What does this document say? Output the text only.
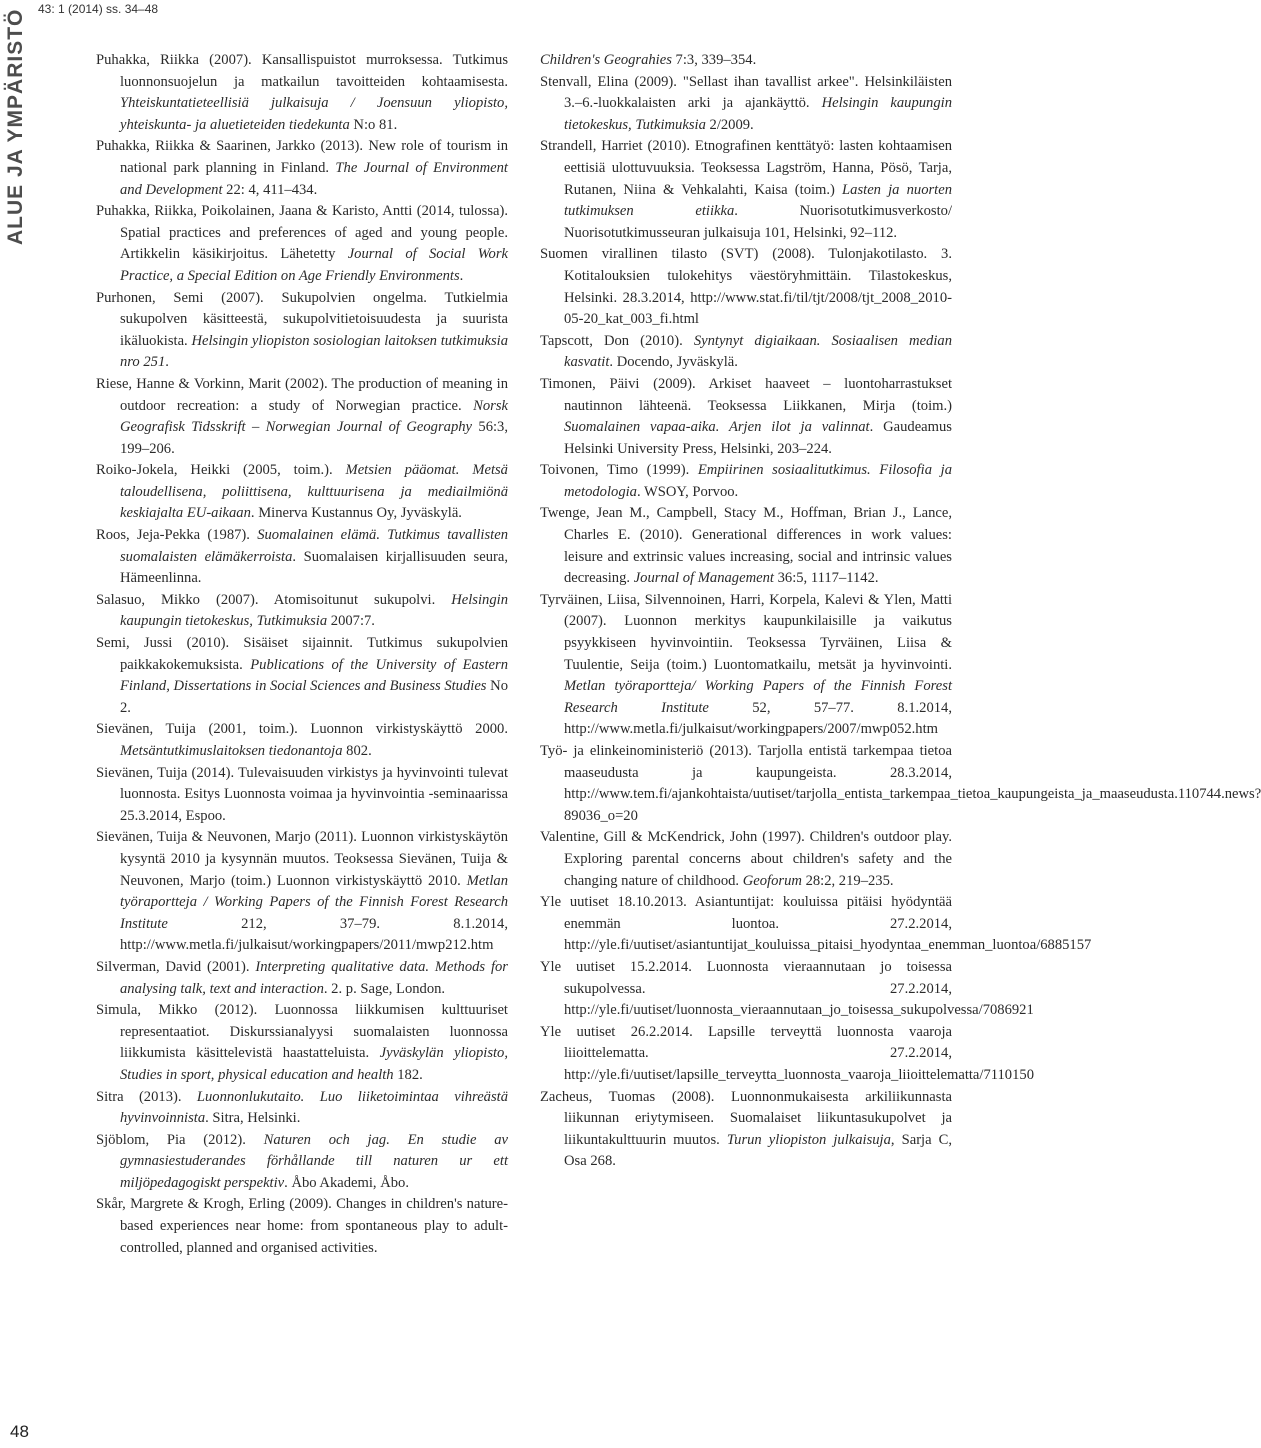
43: 1 (2014) ss. 34–48
ALUE JA YMPÄRISTÖ	Puhakka, Riikka (2007). Kansallispuistot murroksessa. Tutkimus luonnonsuojelun ja matkailun tavoitteiden kohtaamisesta. Yhteiskuntatieteellisiä julkaisuja / Joensuun yliopisto, yhteiskunta- ja aluetieteiden tiedekunta N:o 81.

Puhakka, Riikka & Saarinen, Jarkko (2013). New role of tourism in national park planning in Finland. The Journal of Environment and Development 22: 4, 411–434.

Puhakka, Riikka, Poikolainen, Jaana & Karisto, Antti (2014, tulossa). Spatial practices and preferences of aged and young people. Artikkelin käsikirjoitus. Lähetetty Journal of Social Work Practice, a Special Edition on Age Friendly Environments.

Purhonen, Semi (2007). Sukupolvien ongelma. Tutkielmia sukupolven käsitteestä, sukupolvitietoisuudesta ja suurista ikäluokista. Helsingin yliopiston sosiologian laitoksen tutkimuksia nro 251.

Riese, Hanne & Vorkinn, Marit (2002). The production of meaning in outdoor recreation: a study of Norwegian practice. Norsk Geografisk Tidsskrift – Norwegian Journal of Geography 56:3, 199–206.

Roiko-Jokela, Heikki (2005, toim.). Metsien pääomat. Metsä taloudellisena, poliittisena, kulttuurisena ja mediailmiönä keskiajalta EU-aikaan. Minerva Kustannus Oy, Jyväskylä.

Roos, Jeja-Pekka (1987). Suomalainen elämä. Tutkimus tavallisten suomalaisten elämäkerroista. Suomalaisen kirjallisuuden seura, Hämeenlinna.

Salasuo, Mikko (2007). Atomisoitunut sukupolvi. Helsingin kaupungin tietokeskus, Tutkimuksia 2007:7.

Semi, Jussi (2010). Sisäiset sijainnit. Tutkimus sukupolvien paikkakokemuksista. Publications of the University of Eastern Finland, Dissertations in Social Sciences and Business Studies No 2.

Sievänen, Tuija (2001, toim.). Luonnon virkistyskäyttö 2000. Metsäntutkimuslaitoksen tiedonantoja 802.

Sievänen, Tuija (2014). Tulevaisuuden virkistys ja hyvinvointi tulevat luonnosta. Esitys Luonnosta voimaa ja hyvinvointia -seminaarissa 25.3.2014, Espoo.

Sievänen, Tuija & Neuvonen, Marjo (2011). Luonnon virkistyskäytön kysyntä 2010 ja kysynnän muutos. Teoksessa Sievänen, Tuija & Neuvonen, Marjo (toim.) Luonnon virkistyskäyttö 2010. Metlan työraportteja / Working Papers of the Finnish Forest Research Institute 212, 37–79. 8.1.2014, http://www.metla.fi/julkaisut/workingpapers/2011/mwp212.htm

Silverman, David (2001). Interpreting qualitative data. Methods for analysing talk, text and interaction. 2. p. Sage, London.

Simula, Mikko (2012). Luonnossa liikkumisen kulttuuriset representaatiot. Diskurssianalyysi suomalaisten luonnossa liikkumista käsittelevistä haastatteluista. Jyväskylän yliopisto, Studies in sport, physical education and health 182.

Sitra (2013). Luonnonlukutaito. Luo liiketoimintaa vihreästä hyvinvoinnista. Sitra, Helsinki.

Sjöblom, Pia (2012). Naturen och jag. En studie av gymnasiestuderandes förhållande till naturen ur ett miljöpedagogiskt perspektiv. Åbo Akademi, Åbo.

Skår, Margrete & Krogh, Erling (2009). Changes in children's nature-based experiences near home: from spontaneous play to adult-controlled, planned and organised activities.

Children's Geograhies 7:3, 339–354.

Stenvall, Elina (2009). "Sellast ihan tavallist arkee". Helsinkiläisten 3.–6.-luokkalaisten arki ja ajankäyttö. Helsingin kaupungin tietokeskus, Tutkimuksia 2/2009.

Strandell, Harriet (2010). Etnografinen kenttätyö: lasten kohtaamisen eettisiä ulottuvuuksia. Teoksessa Lagström, Hanna, Pösö, Tarja, Rutanen, Niina & Vehkalahti, Kaisa (toim.) Lasten ja nuorten tutkimuksen etiikka. Nuorisotutkimusverkosto/ Nuorisotutkimusseuran julkaisuja 101, Helsinki, 92–112.

Suomen virallinen tilasto (SVT) (2008). Tulonjakotilasto. 3. Kotitalouksien tulokehitys väestöryhmittäin. Tilastokeskus, Helsinki. 28.3.2014, http://www.stat.fi/til/tjt/2008/tjt_2008_2010-05-20_kat_003_fi.html

Tapscott, Don (2010). Syntynyt digiaikaan. Sosiaalisen median kasvatit. Docendo, Jyväskylä.

Timonen, Päivi (2009). Arkiset haaveet – luontoharrastukset nautinnon lähteenä. Teoksessa Liikkanen, Mirja (toim.) Suomalainen vapaa-aika. Arjen ilot ja valinnat. Gaudeamus Helsinki University Press, Helsinki, 203–224.

Toivonen, Timo (1999). Empiirinen sosiaalitutkimus. Filosofia ja metodologia. WSOY, Porvoo.

Twenge, Jean M., Campbell, Stacy M., Hoffman, Brian J., Lance, Charles E. (2010). Generational differences in work values: leisure and extrinsic values increasing, social and intrinsic values decreasing. Journal of Management 36:5, 1117–1142.

Tyrväinen, Liisa, Silvennoinen, Harri, Korpela, Kalevi & Ylen, Matti (2007). Luonnon merkitys kaupunkilaisille ja vaikutus psyykkiseen hyvinvointiin. Teoksessa Tyrväinen, Liisa & Tuulentie, Seija (toim.) Luontomatkailu, metsät ja hyvinvointi. Metlan työraportteja/ Working Papers of the Finnish Forest Research Institute 52, 57–77. 8.1.2014, http://www.metla.fi/julkaisut/workingpapers/2007/mwp052.htm

Työ- ja elinkeinoministeriö (2013). Tarjolla entistä tarkempaa tietoa maaseudusta ja kaupungeista. 28.3.2014, http://www.tem.fi/ajankohtaista/uutiset/tarjolla_entista_tarkempaa_tietoa_kaupungeista_ja_maaseudusta.110744.news?89036_o=20

Valentine, Gill & McKendrick, John (1997). Children's outdoor play. Exploring parental concerns about children's safety and the changing nature of childhood. Geoforum 28:2, 219–235.

Yle uutiset 18.10.2013. Asiantuntijat: kouluissa pitäisi hyödyntää enemmän luontoa. 27.2.2014, http://yle.fi/uutiset/asiantuntijat_kouluissa_pitaisi_hyodyntaa_enemman_luontoa/6885157

Yle uutiset 15.2.2014. Luonnosta vieraannutaan jo toisessa sukupolvessa. 27.2.2014, http://yle.fi/uutiset/luonnosta_vieraannutaan_jo_toisessa_sukupolvessa/7086921

Yle uutiset 26.2.2014. Lapsille terveyttä luonnosta vaaroja liioittelematta. 27.2.2014, http://yle.fi/uutiset/lapsille_terveytta_luonnosta_vaaroja_liioittelematta/7110150

Zacheus, Tuomas (2008). Luonnonmukaisesta arkiliikunnasta liikunnan eriytymiseen. Suomalaiset liikuntasukupolvet ja liikuntakulttuurin muutos. Turun yliopiston julkaisuja, Sarja C, Osa 268.

48
